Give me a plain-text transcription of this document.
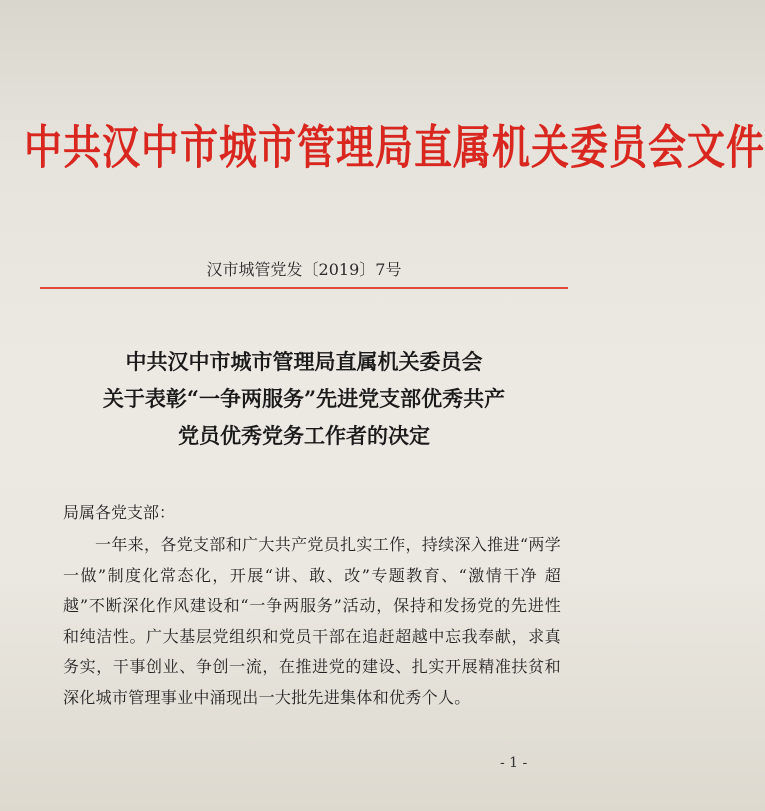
中共汉中市城市管理局直属机关委员会文件
汉市城管党发〔2019〕7号
中共汉中市城市管理局直属机关委员会
关于表彰“一争两服务”先进党支部优秀共产
党员优秀党务工作者的决定
局属各党支部：
一年来，各党支部和广大共产党员扎实工作，持续深入推进“两学一做”制度化常态化，开展“讲、敢、改”专题教育、“激情干净 超越”不断深化作风建设和“一争两服务”活动，保持和发扬党的先进性和纯洁性。广大基层党组织和党员干部在追赶超越中忘我奉献，求真务实，干事创业、争创一流，在推进党的建设、扎实开展精准扶贫和深化城市管理事业中涌现出一大批先进集体和优秀个人。
- 1 -
